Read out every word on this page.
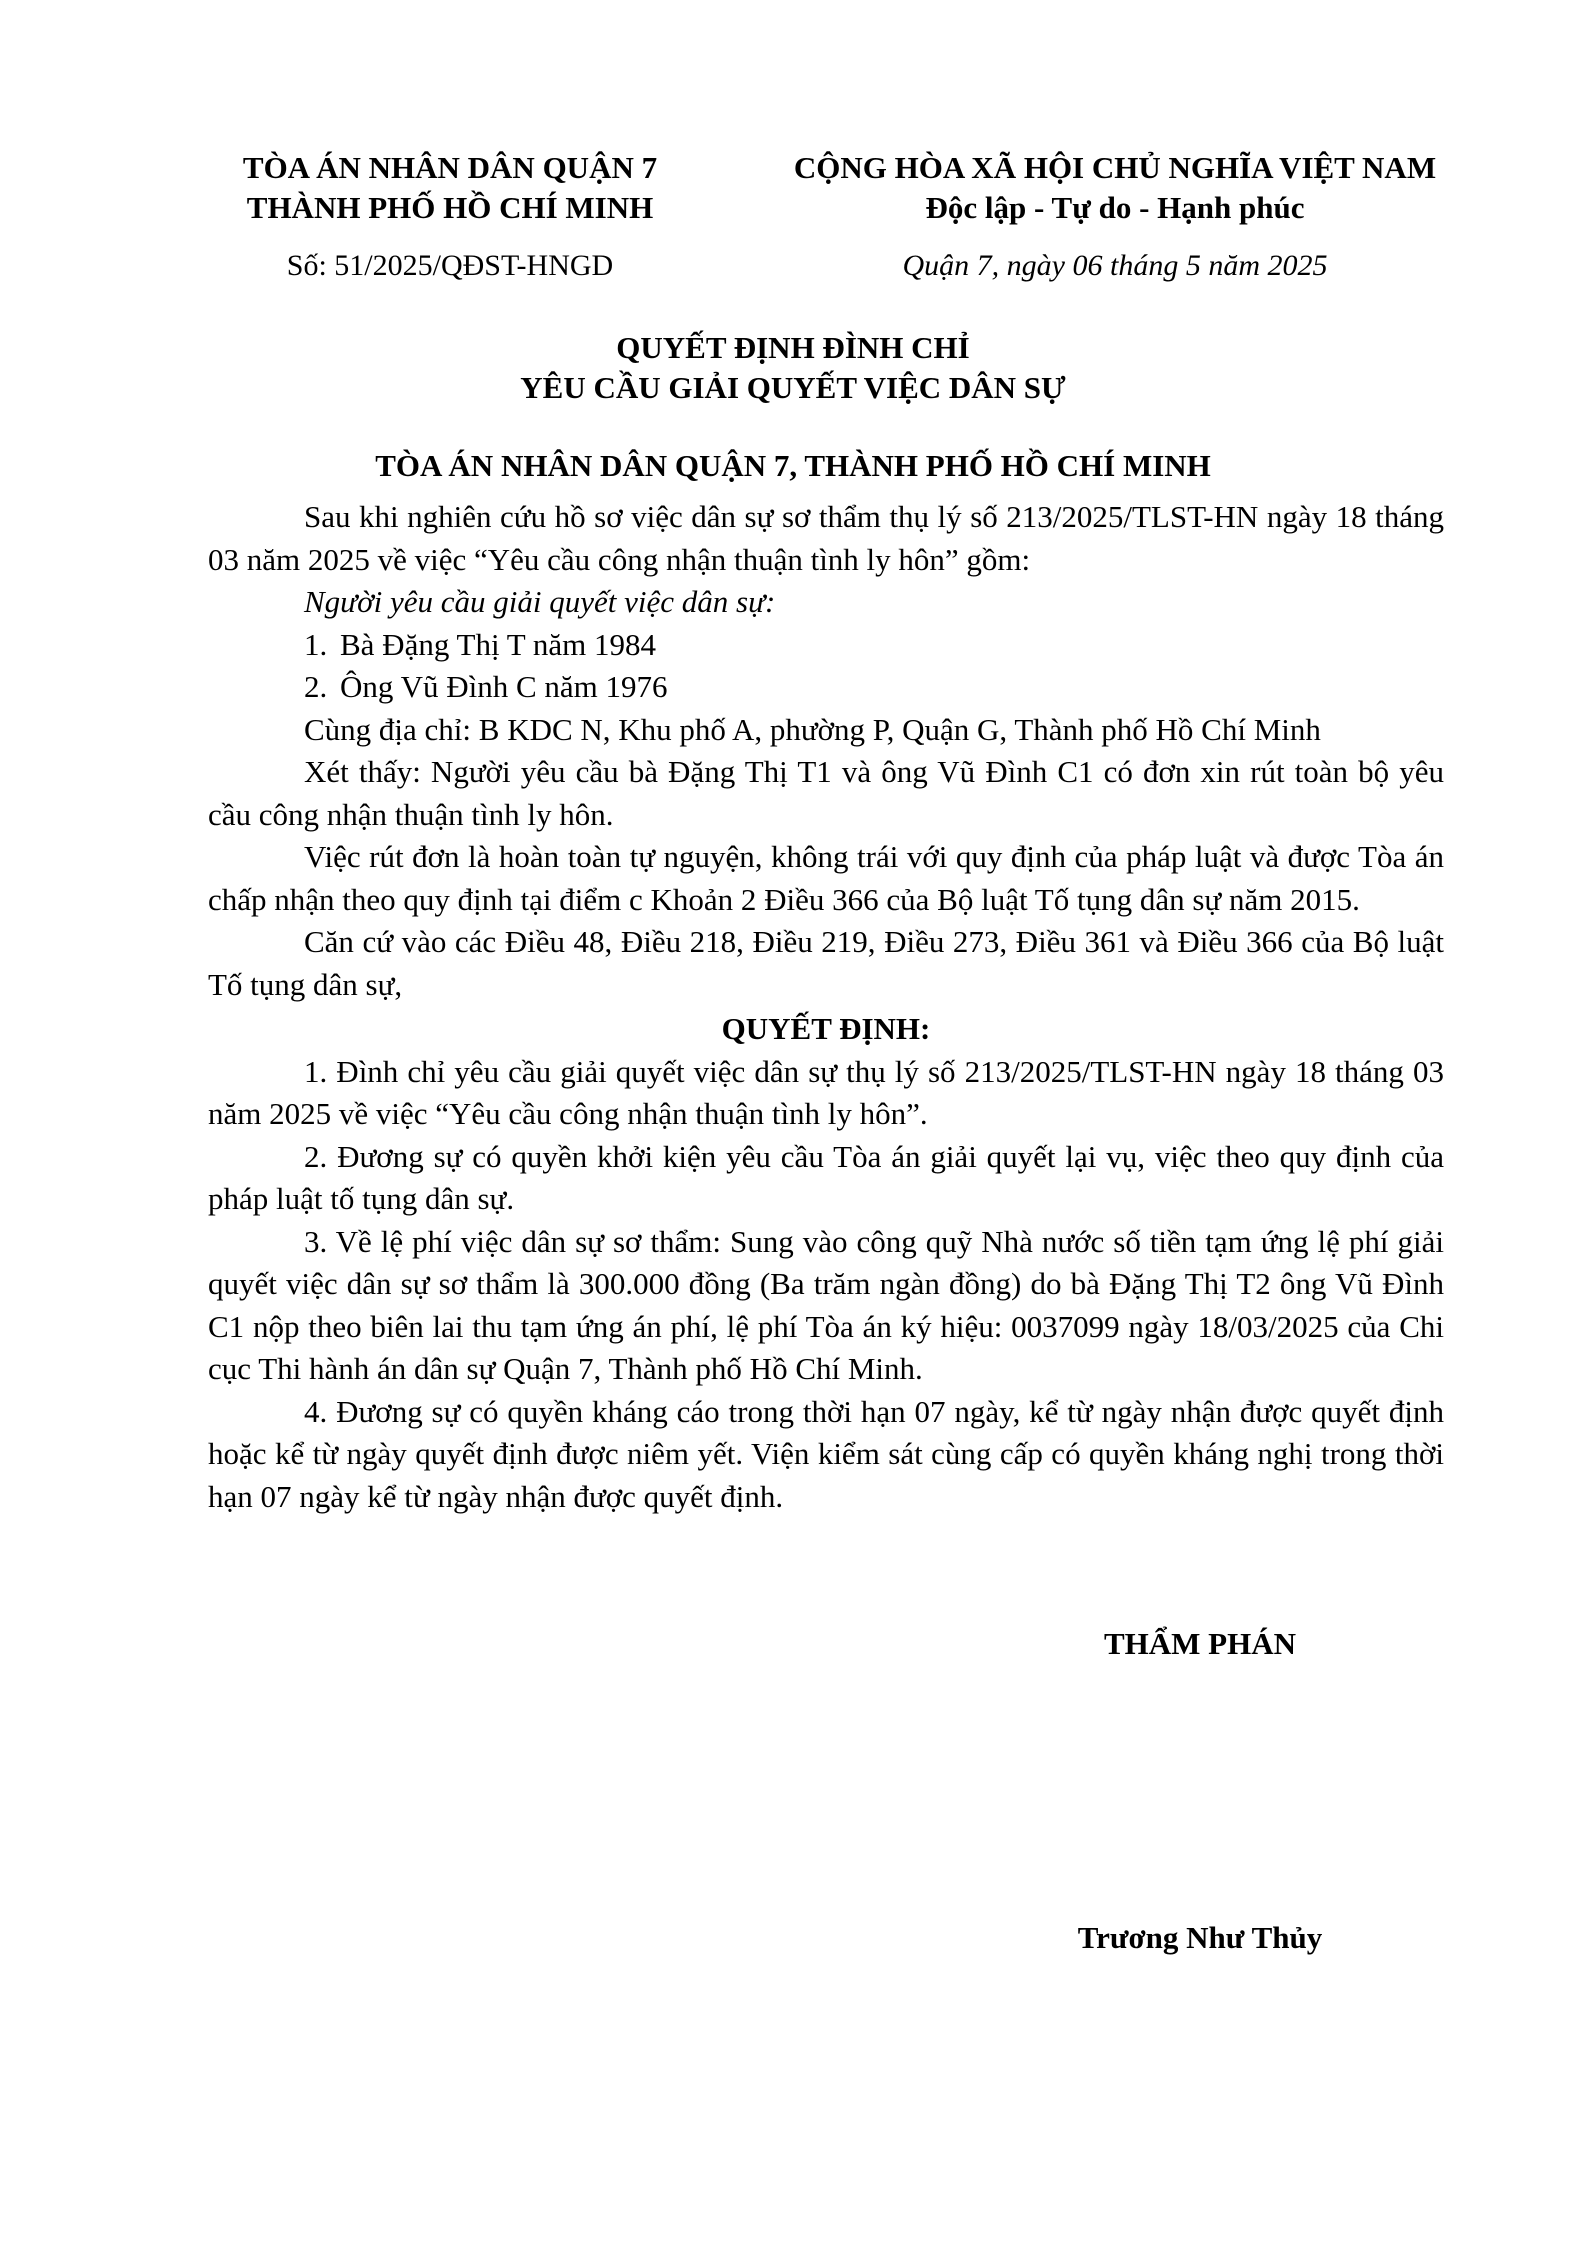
TÒA ÁN NHÂN DÂN QUẬN 7
THÀNH PHỐ HỒ CHÍ MINH
Số: 51/2025/QĐST-HNGD
CỘNG HÒA XÃ HỘI CHỦ NGHĨA VIỆT NAM
Độc lập - Tự do - Hạnh phúc
Quận 7, ngày 06 tháng 5 năm 2025
QUYẾT ĐỊNH ĐÌNH CHỈ
YÊU CẦU GIẢI QUYẾT VIỆC DÂN SỰ
TÒA ÁN NHÂN DÂN QUẬN 7, THÀNH PHỐ HỒ CHÍ MINH

Sau khi nghiên cứu hồ sơ việc dân sự sơ thẩm thụ lý số 213/2025/TLST-HN ngày 18 tháng 03 năm 2025 về việc “Yêu cầu công nhận thuận tình ly hôn” gồm:

Người yêu cầu giải quyết việc dân sự:

1. Bà Đặng Thị T năm 1984
2. Ông Vũ Đình C năm 1976

Cùng địa chỉ: B KDC N, Khu phố A, phường P, Quận G, Thành phố Hồ Chí Minh

Xét thấy: Người yêu cầu bà Đặng Thị T1 và ông Vũ Đình C1 có đơn xin rút toàn bộ yêu cầu công nhận thuận tình ly hôn.

Việc rút đơn là hoàn toàn tự nguyện, không trái với quy định của pháp luật và được Tòa án chấp nhận theo quy định tại điểm c Khoản 2 Điều 366 của Bộ luật Tố tụng dân sự năm 2015.

Căn cứ vào các Điều 48, Điều 218, Điều 219, Điều 273, Điều 361 và Điều 366 của Bộ luật Tố tụng dân sự,

QUYẾT ĐỊNH:

1. Đình chỉ yêu cầu giải quyết việc dân sự thụ lý số 213/2025/TLST-HN ngày 18 tháng 03 năm 2025 về việc “Yêu cầu công nhận thuận tình ly hôn”.

2. Đương sự có quyền khởi kiện yêu cầu Tòa án giải quyết lại vụ, việc theo quy định của pháp luật tố tụng dân sự.

3. Về lệ phí việc dân sự sơ thẩm: Sung vào công quỹ Nhà nước số tiền tạm ứng lệ phí giải quyết việc dân sự sơ thẩm là 300.000 đồng (Ba trăm ngàn đồng) do bà Đặng Thị T2 ông Vũ Đình C1 nộp theo biên lai thu tạm ứng án phí, lệ phí Tòa án ký hiệu: 0037099 ngày 18/03/2025 của Chi cục Thi hành án dân sự Quận 7, Thành phố Hồ Chí Minh.

4. Đương sự có quyền kháng cáo trong thời hạn 07 ngày, kể từ ngày nhận được quyết định hoặc kể từ ngày quyết định được niêm yết. Viện kiểm sát cùng cấp có quyền kháng nghị trong thời hạn 07 ngày kể từ ngày nhận được quyết định.

THẨM PHÁN
Trương Như Thủy
